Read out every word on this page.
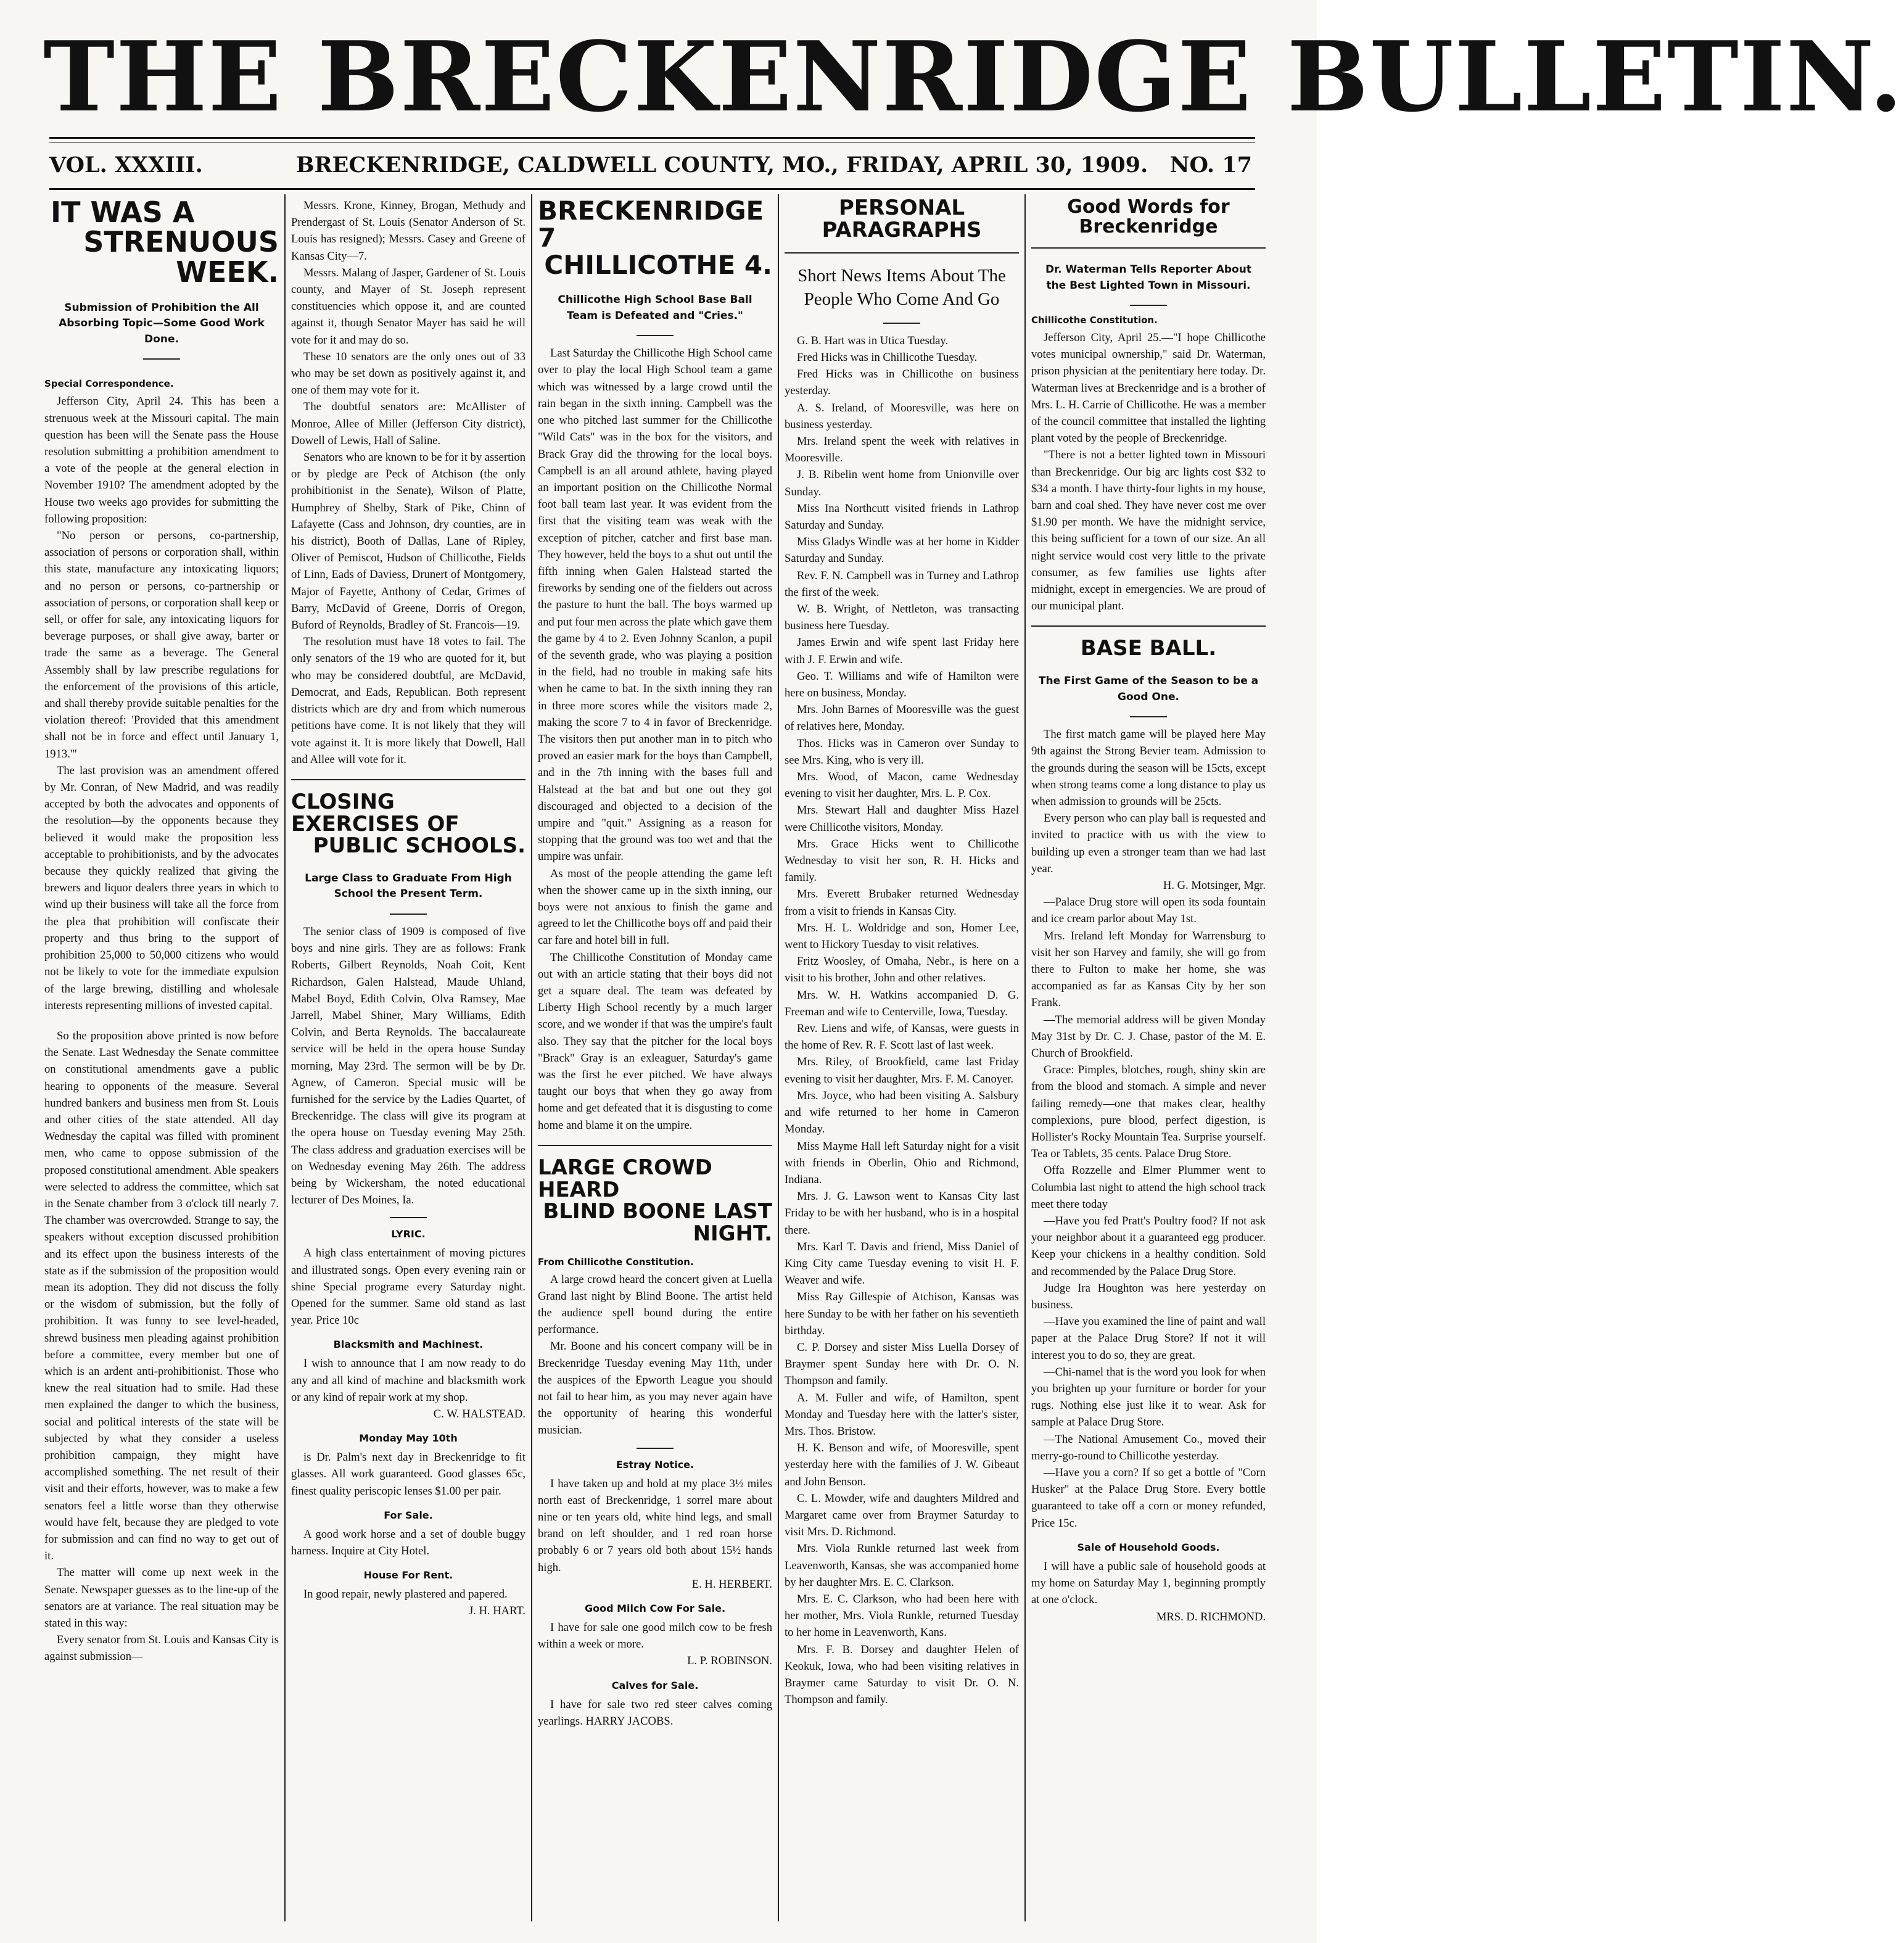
THE BRECKENRIDGE BULLETIN.
VOL. XXXIII.	BRECKENRIDGE, CALDWELL COUNTY, MO., FRIDAY, APRIL 30, 1909. NO. 17
IT WAS A
STRENUOUS WEEK.
Submission of Prohibition the All Absorbing Topic—Some Good Work Done.
Special Correspondence.

Jefferson City, April 24. This has been a strenuous week at the Missouri capital. The main question has been will the Senate pass the House resolution submitting a prohibition amendment to a vote of the people at the general election in November 1910? The amendment adopted by the House two weeks ago provides for submitting the following proposition:

"No person or persons, co-partnership, association of persons or corporation shall, within this state, manufacture any intoxicating liquors; and no person or persons, co-partnership or association of persons, or corporation shall keep or sell, or offer for sale, any intoxicating liquors for beverage purposes, or shall give away, barter or trade the same as a beverage. The General Assembly shall by law prescribe regulations for the enforcement of the provisions of this article, and shall thereby provide suitable penalties for the violation thereof: 'Provided that this amendment shall not be in force and effect until January 1, 1913.'"

The last provision was an amendment offered by Mr. Conran, of New Madrid, and was readily accepted by both the advocates and opponents of the resolution—by the opponents because they believed it would make the proposition less acceptable to prohibitionists, and by the advocates because they quickly realized that giving the brewers and liquor dealers three years in which to wind up their business will take all the force from the plea that prohibition will confiscate their property and thus bring to the support of prohibition 25,000 to 50,000 citizens who would not be likely to vote for the immediate expulsion of the large brewing, distilling and wholesale interests representing millions of invested capital.

So the proposition above printed is now before the Senate. Last Wednesday the Senate committee on constitutional amendments gave a public hearing to opponents of the measure. Several hundred bankers and business men from St. Louis and other cities of the state attended. All day Wednesday the capital was filled with prominent men, who came to oppose submission of the proposed constitutional amendment. Able speakers were selected to address the committee, which sat in the Senate chamber from 3 o'clock till nearly 7. The chamber was overcrowded. Strange to say, the speakers without exception discussed prohibition and its effect upon the business interests of the state as if the submission of the proposition would mean its adoption. They did not discuss the folly or the wisdom of submission, but the folly of prohibition. It was funny to see level-headed, shrewd business men pleading against prohibition before a committee, every member but one of which is an ardent anti-prohibitionist. Those who knew the real situation had to smile. Had these men explained the danger to which the business, social and political interests of the state will be subjected by what they consider a useless prohibition campaign, they might have accomplished something. The net result of their visit and their efforts, however, was to make a few senators feel a little worse than they otherwise would have felt, because they are pledged to vote for submission and can find no way to get out of it.

The matter will come up next week in the Senate. Newspaper guesses as to the line-up of the senators are at variance. The real situation may be stated in this way:

Every senator from St. Louis and Kansas City is against submission—

Messrs. Krone, Kinney, Brogan, Methudy and Prendergast of St. Louis (Senator Anderson of St. Louis has resigned); Messrs. Casey and Greene of Kansas City—7.

Messrs. Malang of Jasper, Gardener of St. Louis county, and Mayer of St. Joseph represent constituencies which oppose it, and are counted against it, though Senator Mayer has said he will vote for it and may do so.

These 10 senators are the only ones out of 33 who may be set down as positively against it, and one of them may vote for it.

The doubtful senators are: McAllister of Monroe, Allee of Miller (Jefferson City district), Dowell of Lewis, Hall of Saline.

Senators who are known to be for it by assertion or by pledge are Peck of Atchison (the only prohibitionist in the Senate), Wilson of Platte, Humphrey of Shelby, Stark of Pike, Chinn of Lafayette (Cass and Johnson, dry counties, are in his district), Booth of Dallas, Lane of Ripley, Oliver of Pemiscot, Hudson of Chillicothe, Fields of Linn, Eads of Daviess, Drunert of Montgomery, Major of Fayette, Anthony of Cedar, Grimes of Barry, McDavid of Greene, Dorris of Oregon, Buford of Reynolds, Bradley of St. Francois—19.

The resolution must have 18 votes to fail. The only senators of the 19 who are quoted for it, but who may be considered doubtful, are McDavid, Democrat, and Eads, Republican. Both represent districts which are dry and from which numerous petitions have come. It is not likely that they will vote against it. It is more likely that Dowell, Hall and Allee will vote for it.

CLOSING EXERCISES OF
PUBLIC SCHOOLS.
Large Class to Graduate From High School the Present Term.

The senior class of 1909 is composed of five boys and nine girls. They are as follows: Frank Roberts, Gilbert Reynolds, Noah Coit, Kent Richardson, Galen Halstead, Maude Uhland, Mabel Boyd, Edith Colvin, Olva Ramsey, Mae Jarrell, Mabel Shiner, Mary Williams, Edith Colvin, and Berta Reynolds. The baccalaureate service will be held in the opera house Sunday morning, May 23rd. The sermon will be by Dr. Agnew, of Cameron. Special music will be furnished for the service by the Ladies Quartet, of Breckenridge. The class will give its program at the opera house on Tuesday evening May 25th. The class address and graduation exercises will be on Wednesday evening May 26th. The address being by Wickersham, the noted educational lecturer of Des Moines, Ia.

LYRIC.

A high class entertainment of moving pictures and illustrated songs. Open every evening rain or shine Special programe every Saturday night. Opened for the summer. Same old stand as last year. Price 10c

Blacksmith and Machinest.

I wish to announce that I am now ready to do any and all kind of machine and blacksmith work or any kind of repair work at my shop.

C. W. HALSTEAD.

Monday May 10th

is Dr. Palm's next day in Breckenridge to fit glasses. All work guaranteed. Good glasses 65c, finest quality periscopic lenses $1.00 per pair.

For Sale.

A good work horse and a set of double buggy harness. Inquire at City Hotel.

House For Rent.

In good repair, newly plastered and papered.

J. H. HART.

BRECKENRIDGE 7
CHILLICOTHE 4.
Chillicothe High School Base Ball Team is Defeated and "Cries."

Last Saturday the Chillicothe High School came over to play the local High School team a game which was witnessed by a large crowd until the rain began in the sixth inning. Campbell was the one who pitched last summer for the Chillicothe "Wild Cats" was in the box for the visitors, and Brack Gray did the throwing for the local boys. Campbell is an all around athlete, having played an important position on the Chillicothe Normal foot ball team last year. It was evident from the first that the visiting team was weak with the exception of pitcher, catcher and first base man. They however, held the boys to a shut out until the fifth inning when Galen Halstead started the fireworks by sending one of the fielders out across the pasture to hunt the ball. The boys warmed up and put four men across the plate which gave them the game by 4 to 2. Even Johnny Scanlon, a pupil of the seventh grade, who was playing a position in the field, had no trouble in making safe hits when he came to bat. In the sixth inning they ran in three more scores while the visitors made 2, making the score 7 to 4 in favor of Breckenridge. The visitors then put another man in to pitch who proved an easier mark for the boys than Campbell, and in the 7th inning with the bases full and Halstead at the bat and but one out they got discouraged and objected to a decision of the umpire and "quit." Assigning as a reason for stopping that the ground was too wet and that the umpire was unfair.

As most of the people attending the game left when the shower came up in the sixth inning, our boys were not anxious to finish the game and agreed to let the Chillicothe boys off and paid their car fare and hotel bill in full.

The Chillicothe Constitution of Monday came out with an article stating that their boys did not get a square deal. The team was defeated by Liberty High School recently by a much larger score, and we wonder if that was the umpire's fault also. They say that the pitcher for the local boys "Brack" Gray is an exleaguer, Saturday's game was the first he ever pitched. We have always taught our boys that when they go away from home and get defeated that it is disgusting to come home and blame it on the umpire.

LARGE CROWD HEARD
BLIND BOONE LAST NIGHT.
From Chillicothe Constitution.

A large crowd heard the concert given at Luella Grand last night by Blind Boone. The artist held the audience spell bound during the entire performance.

Mr. Boone and his concert company will be in Breckenridge Tuesday evening May 11th, under the auspices of the Epworth League you should not fail to hear him, as you may never again have the opportunity of hearing this wonderful musician.

Estray Notice.

I have taken up and hold at my place 3½ miles north east of Breckenridge, 1 sorrel mare about nine or ten years old, white hind legs, and small brand on left shoulder, and 1 red roan horse probably 6 or 7 years old both about 15½ hands high.

E. H. HERBERT.

Good Milch Cow For Sale.

I have for sale one good milch cow to be fresh within a week or more.

L. P. ROBINSON.

Calves for Sale.

I have for sale two red steer calves coming yearlings. HARRY JACOBS.

PERSONAL PARAGRAPHS
Short News Items About The People Who Come And Go

G. B. Hart was in Utica Tuesday.

Fred Hicks was in Chillicothe Tuesday.

Fred Hicks was in Chillicothe on business yesterday.

A. S. Ireland, of Mooresville, was here on business yesterday.

Mrs. Ireland spent the week with relatives in Mooresville.

J. B. Ribelin went home from Unionville over Sunday.

Miss Ina Northcutt visited friends in Lathrop Saturday and Sunday.

Miss Gladys Windle was at her home in Kidder Saturday and Sunday.

Rev. F. N. Campbell was in Turney and Lathrop the first of the week.

W. B. Wright, of Nettleton, was transacting business here Tuesday.

James Erwin and wife spent last Friday here with J. F. Erwin and wife.

Geo. T. Williams and wife of Hamilton were here on business, Monday.

Mrs. John Barnes of Mooresville was the guest of relatives here, Monday.

Thos. Hicks was in Cameron over Sunday to see Mrs. King, who is very ill.

Mrs. Wood, of Macon, came Wednesday evening to visit her daughter, Mrs. L. P. Cox.

Mrs. Stewart Hall and daughter Miss Hazel were Chillicothe visitors, Monday.

Mrs. Grace Hicks went to Chillicothe Wednesday to visit her son, R. H. Hicks and family.

Mrs. Everett Brubaker returned Wednesday from a visit to friends in Kansas City.

Mrs. H. L. Woldridge and son, Homer Lee, went to Hickory Tuesday to visit relatives.

Fritz Woosley, of Omaha, Nebr., is here on a visit to his brother, John and other relatives.

Mrs. W. H. Watkins accompanied D. G. Freeman and wife to Centerville, Iowa, Tuesday.

Rev. Liens and wife, of Kansas, were guests in the home of Rev. R. F. Scott last of last week.

Mrs. Riley, of Brookfield, came last Friday evening to visit her daughter, Mrs. F. M. Canoyer.

Mrs. Joyce, who had been visiting A. Salsbury and wife returned to her home in Cameron Monday.

Miss Mayme Hall left Saturday night for a visit with friends in Oberlin, Ohio and Richmond, Indiana.

Mrs. J. G. Lawson went to Kansas City last Friday to be with her husband, who is in a hospital there.

Mrs. Karl T. Davis and friend, Miss Daniel of King City came Tuesday evening to visit H. F. Weaver and wife.

Miss Ray Gillespie of Atchison, Kansas was here Sunday to be with her father on his seventieth birthday.

C. P. Dorsey and sister Miss Luella Dorsey of Braymer spent Sunday here with Dr. O. N. Thompson and family.

A. M. Fuller and wife, of Hamilton, spent Monday and Tuesday here with the latter's sister, Mrs. Thos. Bristow.

H. K. Benson and wife, of Mooresville, spent yesterday here with the families of J. W. Gibeaut and John Benson.

C. L. Mowder, wife and daughters Mildred and Margaret came over from Braymer Saturday to visit Mrs. D. Richmond.

Mrs. Viola Runkle returned last week from Leavenworth, Kansas, she was accompanied home by her daughter Mrs. E. C. Clarkson.

Mrs. E. C. Clarkson, who had been here with her mother, Mrs. Viola Runkle, returned Tuesday to her home in Leavenworth, Kans.

Mrs. F. B. Dorsey and daughter Helen of Keokuk, Iowa, who had been visiting relatives in Braymer came Saturday to visit Dr. O. N. Thompson and family.

Good Words for Breckenridge
Dr. Waterman Tells Reporter About the Best Lighted Town in Missouri.
Chillicothe Constitution.

Jefferson City, April 25.—"I hope Chillicothe votes municipal ownership," said Dr. Waterman, prison physician at the penitentiary here today. Dr. Waterman lives at Breckenridge and is a brother of Mrs. L. H. Carrie of Chillicothe. He was a member of the council committee that installed the lighting plant voted by the people of Breckenridge.

"There is not a better lighted town in Missouri than Breckenridge. Our big arc lights cost $32 to $34 a month. I have thirty-four lights in my house, barn and coal shed. They have never cost me over $1.90 per month. We have the midnight service, this being sufficient for a town of our size. An all night service would cost very little to the private consumer, as few families use lights after midnight, except in emergencies. We are proud of our municipal plant.

BASE BALL.
The First Game of the Season to be a Good One.

The first match game will be played here May 9th against the Strong Bevier team. Admission to the grounds during the season will be 15cts, except when strong teams come a long distance to play us when admission to grounds will be 25cts.

Every person who can play ball is requested and invited to practice with us with the view to building up even a stronger team than we had last year.

H. G. Motsinger, Mgr.

—Palace Drug store will open its soda fountain and ice cream parlor about May 1st.

Mrs. Ireland left Monday for Warrensburg to visit her son Harvey and family, she will go from there to Fulton to make her home, she was accompanied as far as Kansas City by her son Frank.

—The memorial address will be given Monday May 31st by Dr. C. J. Chase, pastor of the M. E. Church of Brookfield.

Grace: Pimples, blotches, rough, shiny skin are from the blood and stomach. A simple and never failing remedy—one that makes clear, healthy complexions, pure blood, perfect digestion, is Hollister's Rocky Mountain Tea. Surprise yourself. Tea or Tablets, 35 cents. Palace Drug Store.

Offa Rozzelle and Elmer Plummer went to Columbia last night to attend the high school track meet there today

—Have you fed Pratt's Poultry food? If not ask your neighbor about it a guaranteed egg producer. Keep your chickens in a healthy condition. Sold and recommended by the Palace Drug Store.

Judge Ira Houghton was here yesterday on business.

—Have you examined the line of paint and wall paper at the Palace Drug Store? If not it will interest you to do so, they are great.

—Chi-namel that is the word you look for when you brighten up your furniture or border for your rugs. Nothing else just like it to wear. Ask for sample at Palace Drug Store.

—The National Amusement Co., moved their merry-go-round to Chillicothe yesterday.

—Have you a corn? If so get a bottle of "Corn Husker" at the Palace Drug Store. Every bottle guaranteed to take off a corn or money refunded, Price 15c.

Sale of Household Goods.

I will have a public sale of household goods at my home on Saturday May 1, beginning promptly at one o'clock.

MRS. D. RICHMOND.
